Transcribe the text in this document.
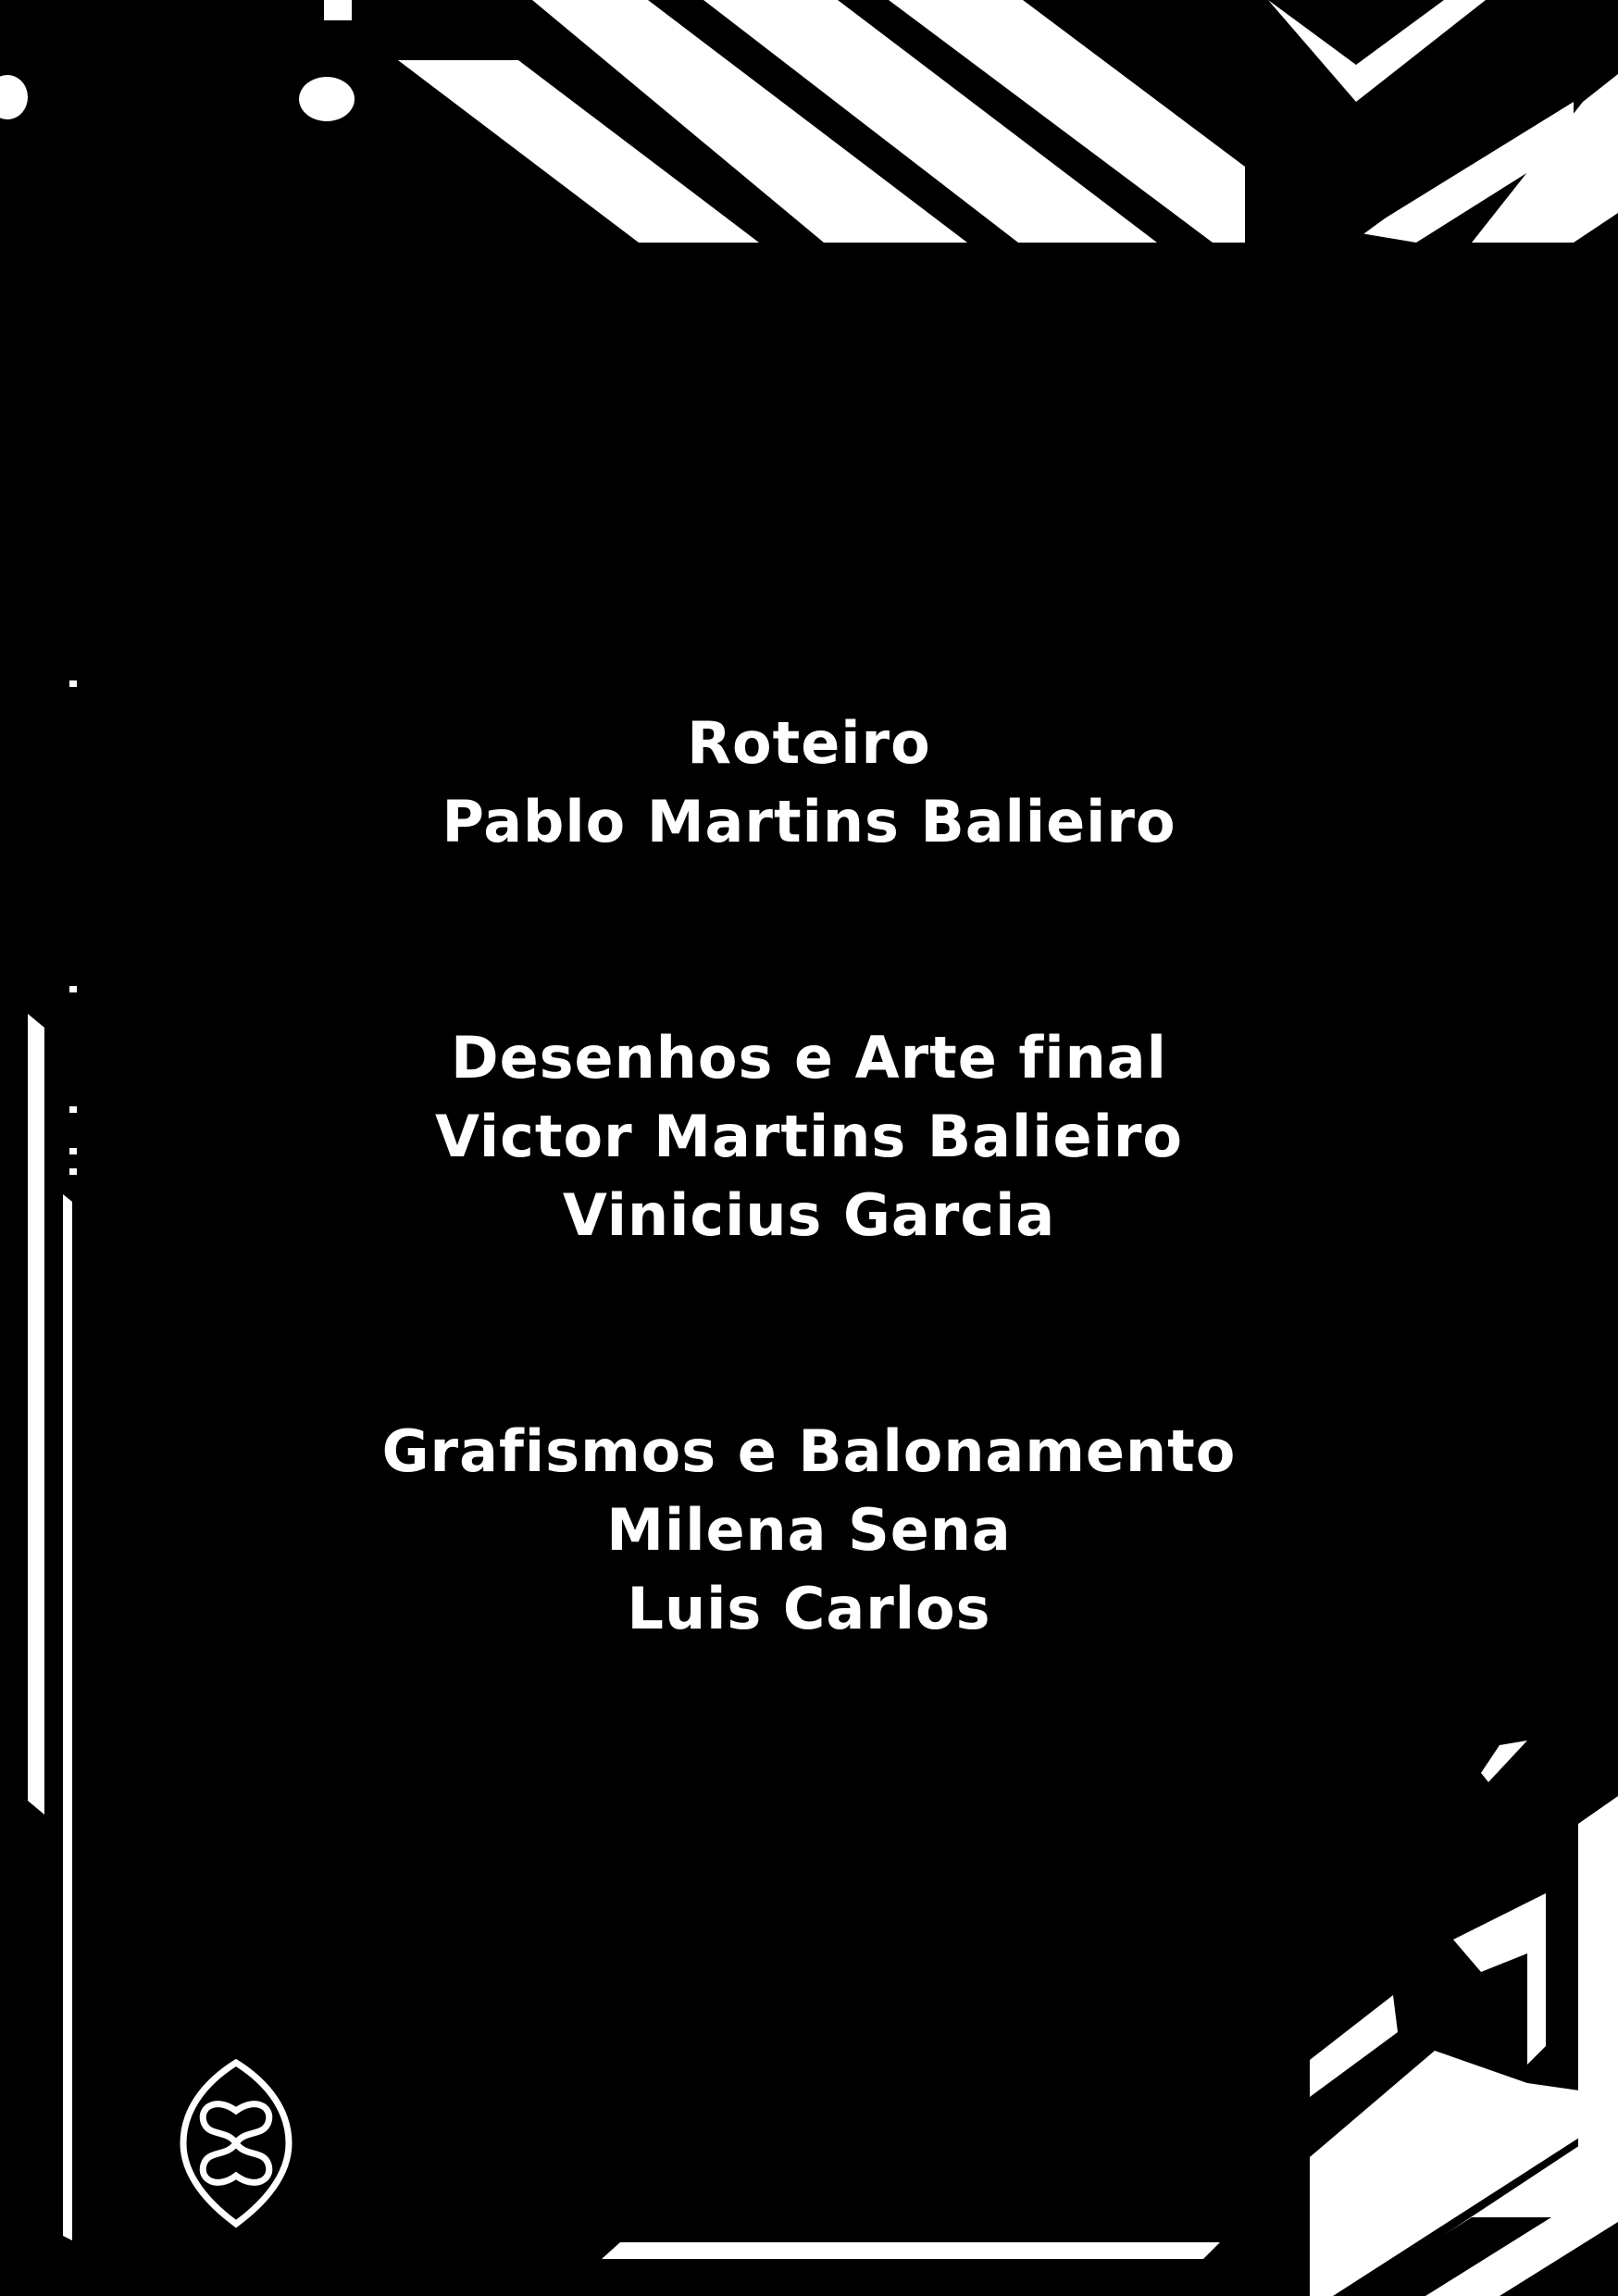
Roteiro
Pablo Martins Balieiro
Desenhos e Arte final
Victor Martins Balieiro
Vinicius Garcia
Grafismos e Balonamento
Milena Sena
Luis Carlos
